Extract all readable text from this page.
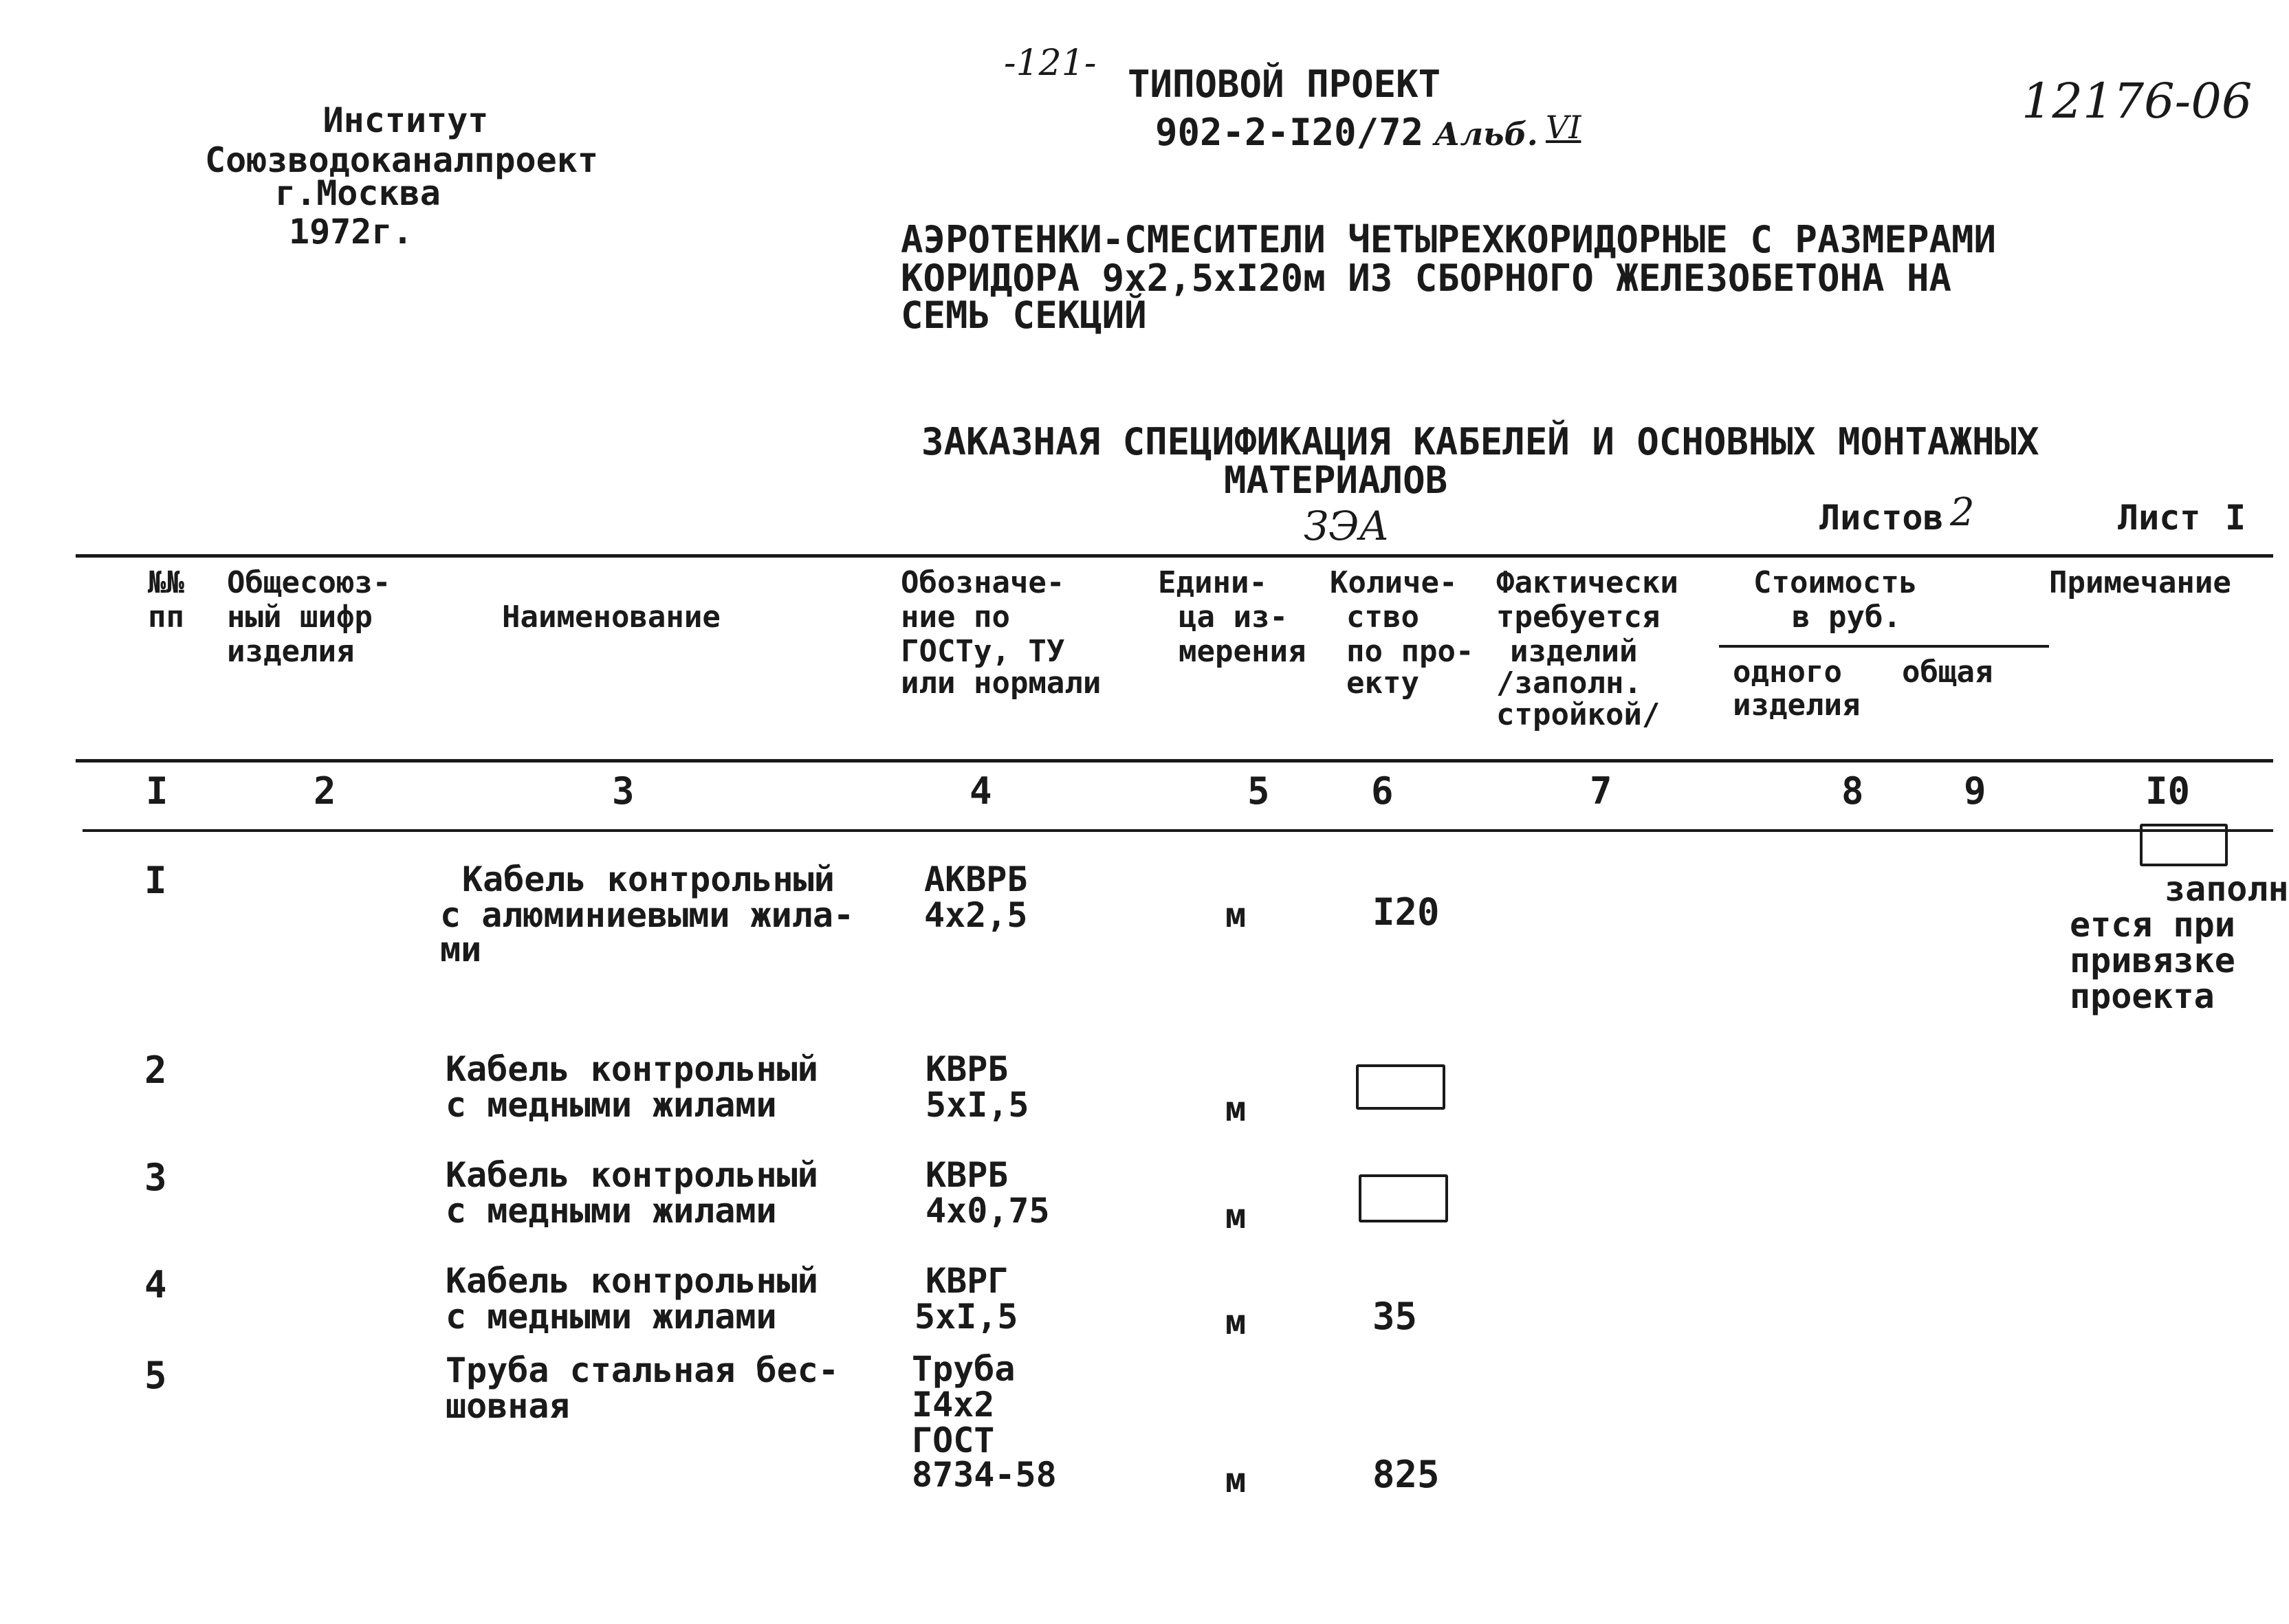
Институт
Союзводоканалпроект
г.Москва
1972г.
-121- ТИПОВОЙ ПРОЕКТ
902-2-I20/72 Альб. VI	12176-06
АЭРОТЕНКИ-СМЕСИТЕЛИ ЧЕТЫРЕХКОРИДОРНЫЕ С РАЗМЕРАМИ
КОРИДОРА 9х2,5хI20м ИЗ СБОРНОГО ЖЕЛЕЗОБЕТОНА НА
СЕМЬ СЕКЦИЙ
ЗАКАЗНАЯ СПЕЦИФИКАЦИЯ КАБЕЛЕЙ И ОСНОВНЫХ МОНТАЖНЫХ
МАТЕРИАЛОВ
ЗЭА	Листов 2	Лист I
№№
пп
Общесоюз-
ный шифр
изделия
Наименование
Обозначе-
ние по
ГОСТу, ТУ
или нормали
Едини-
ца из-
мерения
Количе-
ство
по про-
екту
Фактически
требуется
изделий
/заполн.
стройкой/
Стоимость
в руб.
одного
изделия
общая
Примечание
I	2	3	4	5	6	7	8	9	I0
I	Кабель контрольный
с алюминиевыми жила-
ми
АКВРБ
4х2,5	м	I20
заполн
ется при
привязке
проекта
2	Кабель контрольный
с медными жилами
КВРБ
5хI,5	м
3	Кабель контрольный
с медными жилами
КВРБ
4х0,75	м
4	Кабель контрольный
с медными жилами
КВРГ
5хI,5	м	35
5	Труба стальная бес-
шовная
Труба
I4х2
ГОСТ
8734-58	м	825
